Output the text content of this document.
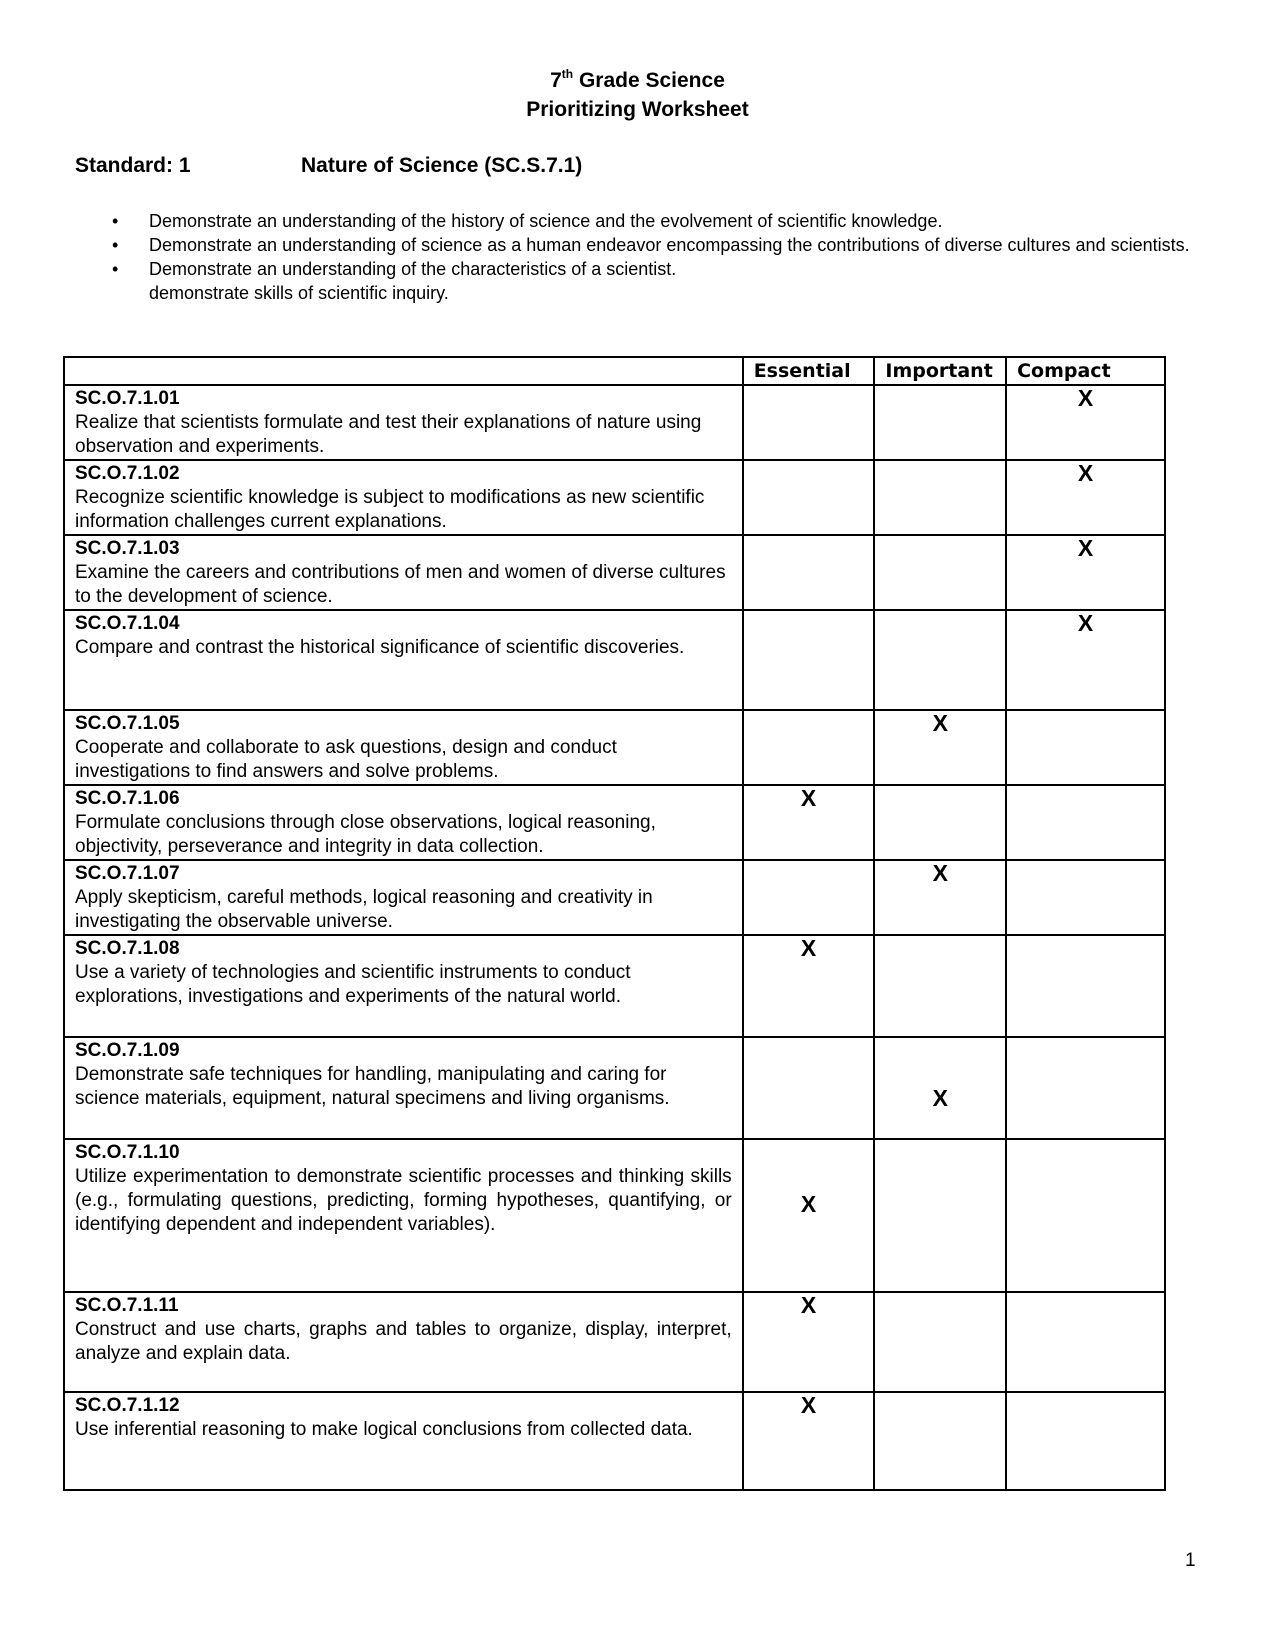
7th Grade Science
Prioritizing Worksheet
Standard: 1	Nature of Science (SC.S.7.1)
• Demonstrate an understanding of the history of science and the evolvement of scientific knowledge.
• Demonstrate an understanding of science as a human endeavor encompassing the contributions of diverse cultures and scientists.
• Demonstrate an understanding of the characteristics of a scientist.
demonstrate skills of scientific inquiry.
	Essential	Important	Compact

SC.O.7.1.01
Realize that scientists formulate and test their explanations of nature using observation and experiments.			X

SC.O.7.1.02
Recognize scientific knowledge is subject to modifications as new scientific information challenges current explanations.			X

SC.O.7.1.03
Examine the careers and contributions of men and women of diverse cultures to the development of science.			X

SC.O.7.1.04
Compare and contrast the historical significance of scientific discoveries.			X

SC.O.7.1.05
Cooperate and collaborate to ask questions, design and conduct investigations to find answers and solve problems.		X	

SC.O.7.1.06
Formulate conclusions through close observations, logical reasoning, objectivity, perseverance and integrity in data collection.	X		

SC.O.7.1.07
Apply skepticism, careful methods, logical reasoning and creativity in investigating the observable universe.		X	

SC.O.7.1.08
Use a variety of technologies and scientific instruments to conduct explorations, investigations and experiments of the natural world.	X		

SC.O.7.1.09
Demonstrate safe techniques for handling, manipulating and caring for science materials, equipment, natural specimens and living organisms.		X	

SC.O.7.1.10
Utilize experimentation to demonstrate scientific processes and thinking skills (e.g., formulating questions, predicting, forming hypotheses, quantifying, or identifying dependent and independent variables).	X		

SC.O.7.1.11
Construct and use charts, graphs and tables to organize, display, interpret, analyze and explain data.	X		

SC.O.7.1.12
Use inferential reasoning to make logical conclusions from collected data.	X		
1
